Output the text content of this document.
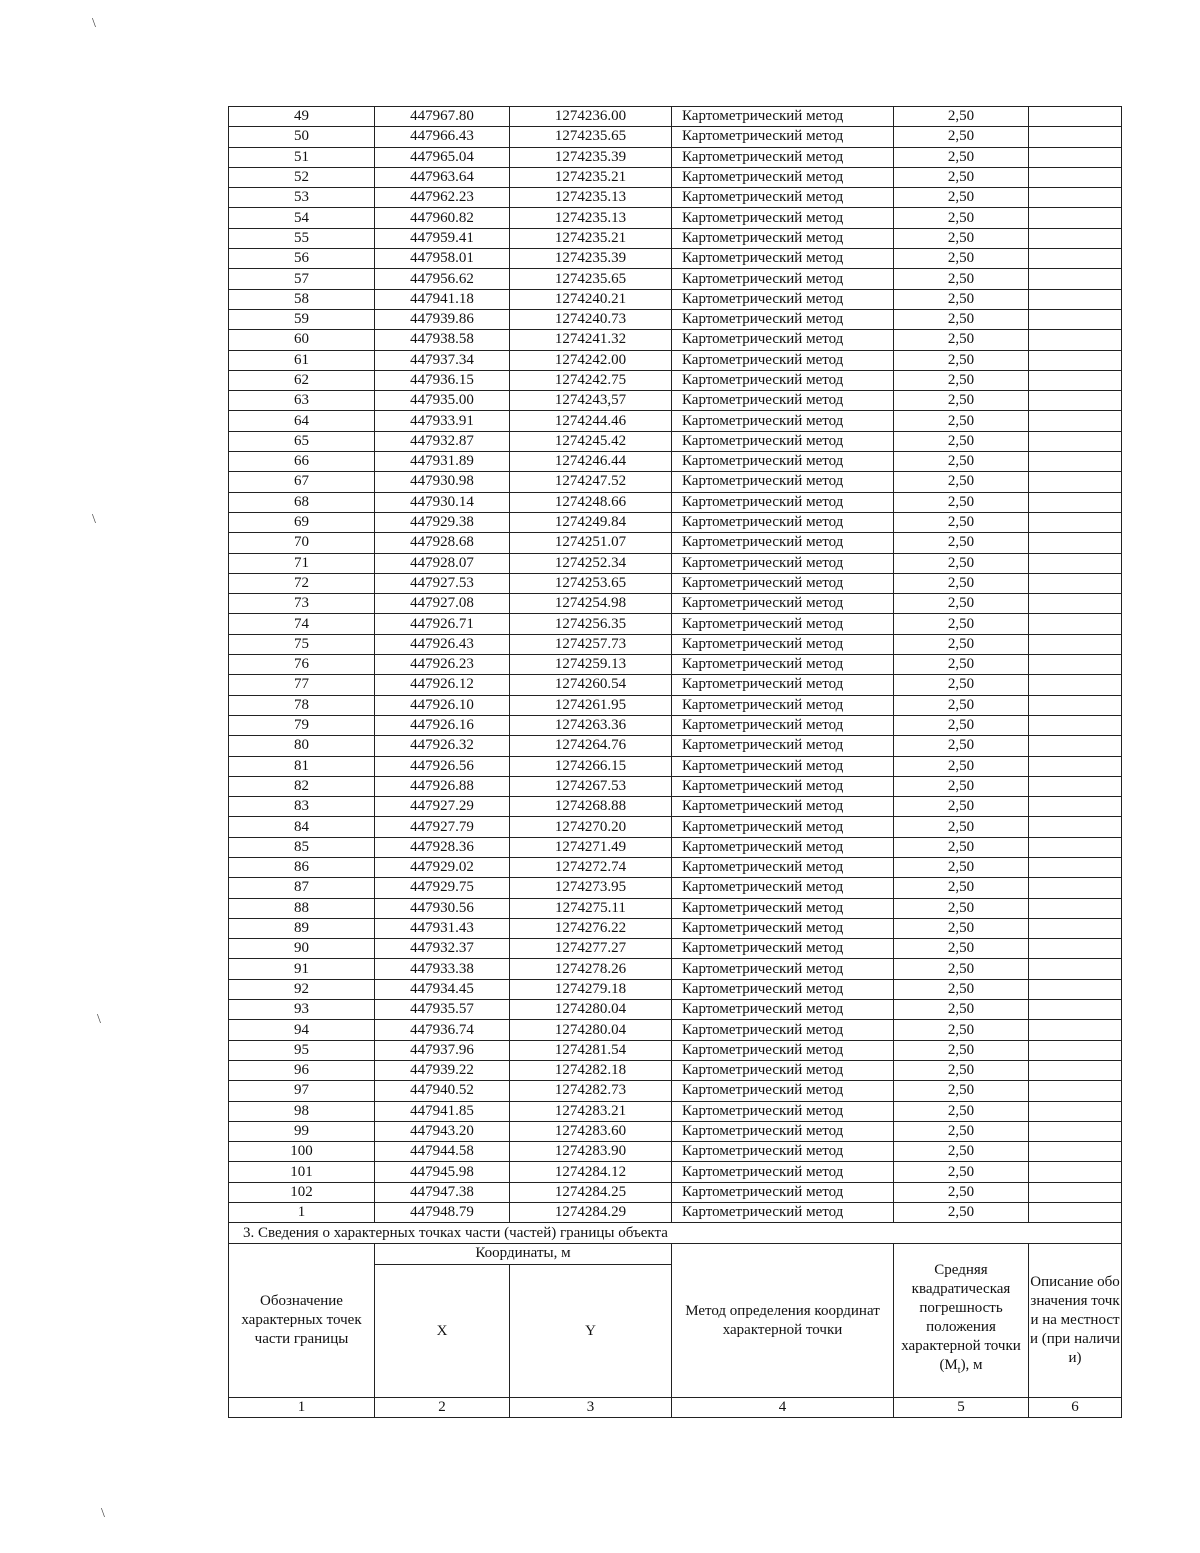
\
\
\
\
49	447967.80	1274236.00	Картометрический метод	2,50	
50	447966.43	1274235.65	Картометрический метод	2,50	
51	447965.04	1274235.39	Картометрический метод	2,50	
52	447963.64	1274235.21	Картометрический метод	2,50	
53	447962.23	1274235.13	Картометрический метод	2,50	
54	447960.82	1274235.13	Картометрический метод	2,50	
55	447959.41	1274235.21	Картометрический метод	2,50	
56	447958.01	1274235.39	Картометрический метод	2,50	
57	447956.62	1274235.65	Картометрический метод	2,50	
58	447941.18	1274240.21	Картометрический метод	2,50	
59	447939.86	1274240.73	Картометрический метод	2,50	
60	447938.58	1274241.32	Картометрический метод	2,50	
61	447937.34	1274242.00	Картометрический метод	2,50	
62	447936.15	1274242.75	Картометрический метод	2,50	
63	447935.00	1274243,57	Картометрический метод	2,50	
64	447933.91	1274244.46	Картометрический метод	2,50	
65	447932.87	1274245.42	Картометрический метод	2,50	
66	447931.89	1274246.44	Картометрический метод	2,50	
67	447930.98	1274247.52	Картометрический метод	2,50	
68	447930.14	1274248.66	Картометрический метод	2,50	
69	447929.38	1274249.84	Картометрический метод	2,50	
70	447928.68	1274251.07	Картометрический метод	2,50	
71	447928.07	1274252.34	Картометрический метод	2,50	
72	447927.53	1274253.65	Картометрический метод	2,50	
73	447927.08	1274254.98	Картометрический метод	2,50	
74	447926.71	1274256.35	Картометрический метод	2,50	
75	447926.43	1274257.73	Картометрический метод	2,50	
76	447926.23	1274259.13	Картометрический метод	2,50	
77	447926.12	1274260.54	Картометрический метод	2,50	
78	447926.10	1274261.95	Картометрический метод	2,50	
79	447926.16	1274263.36	Картометрический метод	2,50	
80	447926.32	1274264.76	Картометрический метод	2,50	
81	447926.56	1274266.15	Картометрический метод	2,50	
82	447926.88	1274267.53	Картометрический метод	2,50	
83	447927.29	1274268.88	Картометрический метод	2,50	
84	447927.79	1274270.20	Картометрический метод	2,50	
85	447928.36	1274271.49	Картометрический метод	2,50	
86	447929.02	1274272.74	Картометрический метод	2,50	
87	447929.75	1274273.95	Картометрический метод	2,50	
88	447930.56	1274275.11	Картометрический метод	2,50	
89	447931.43	1274276.22	Картометрический метод	2,50	
90	447932.37	1274277.27	Картометрический метод	2,50	
91	447933.38	1274278.26	Картометрический метод	2,50	
92	447934.45	1274279.18	Картометрический метод	2,50	
93	447935.57	1274280.04	Картометрический метод	2,50	
94	447936.74	1274280.04	Картометрический метод	2,50	
95	447937.96	1274281.54	Картометрический метод	2,50	
96	447939.22	1274282.18	Картометрический метод	2,50	
97	447940.52	1274282.73	Картометрический метод	2,50	
98	447941.85	1274283.21	Картометрический метод	2,50	
99	447943.20	1274283.60	Картометрический метод	2,50	
100	447944.58	1274283.90	Картометрический метод	2,50	
101	447945.98	1274284.12	Картометрический метод	2,50	
102	447947.38	1274284.25	Картометрический метод	2,50	
1	447948.79	1274284.29	Картометрический метод	2,50	
3. Сведения о характерных точках части (частей) границы объекта					
Обозначение характерных точек части границы	Координаты, м		Метод определения координат характерной точки	Средняя квадратическая погрешность положения характерной точки $(M_t)$, м	Описание обозначения точки на местности (при наличии)
	X	Y			
1	2	3	4	5	6
